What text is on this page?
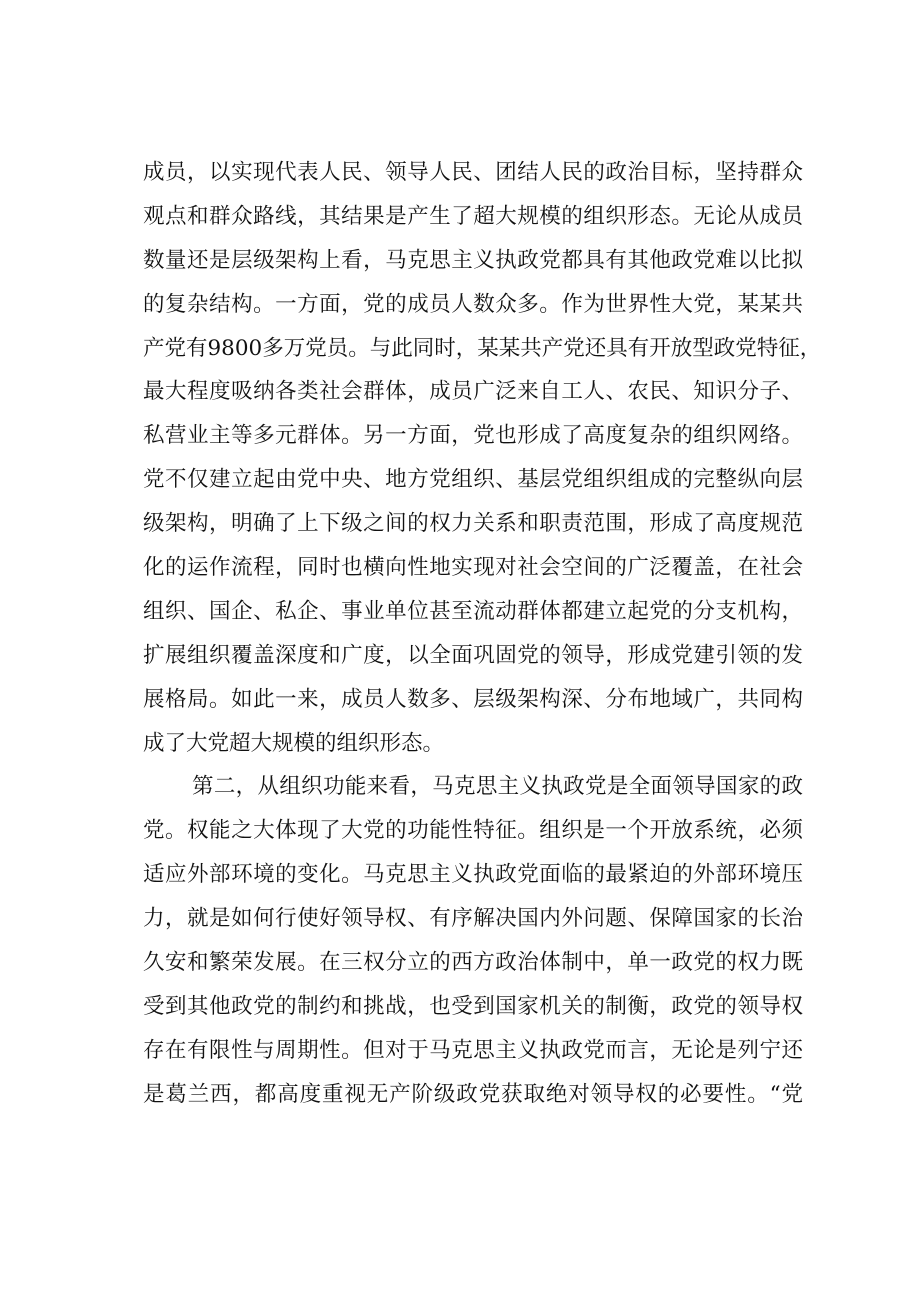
成员，以实现代表人民、领导人民、团结人民的政治目标，坚持群众
观点和群众路线，其结果是产生了超大规模的组织形态。无论从成员
数量还是层级架构上看，马克思主义执政党都具有其他政党难以比拟
的复杂结构。一方面，党的成员人数众多。作为世界性大党，某某共
产党有9800多万党员。与此同时，某某共产党还具有开放型政党特征，
最大程度吸纳各类社会群体，成员广泛来自工人、农民、知识分子、
私营业主等多元群体。另一方面，党也形成了高度复杂的组织网络。
党不仅建立起由党中央、地方党组织、基层党组织组成的完整纵向层
级架构，明确了上下级之间的权力关系和职责范围，形成了高度规范
化的运作流程，同时也横向性地实现对社会空间的广泛覆盖，在社会
组织、国企、私企、事业单位甚至流动群体都建立起党的分支机构，
扩展组织覆盖深度和广度，以全面巩固党的领导，形成党建引领的发
展格局。如此一来，成员人数多、层级架构深、分布地域广，共同构
成了大党超大规模的组织形态。
第二，从组织功能来看，马克思主义执政党是全面领导国家的政
党。权能之大体现了大党的功能性特征。组织是一个开放系统，必须
适应外部环境的变化。马克思主义执政党面临的最紧迫的外部环境压
力，就是如何行使好领导权、有序解决国内外问题、保障国家的长治
久安和繁荣发展。在三权分立的西方政治体制中，单一政党的权力既
受到其他政党的制约和挑战，也受到国家机关的制衡，政党的领导权
存在有限性与周期性。但对于马克思主义执政党而言，无论是列宁还
是葛兰西，都高度重视无产阶级政党获取绝对领导权的必要性。“党
